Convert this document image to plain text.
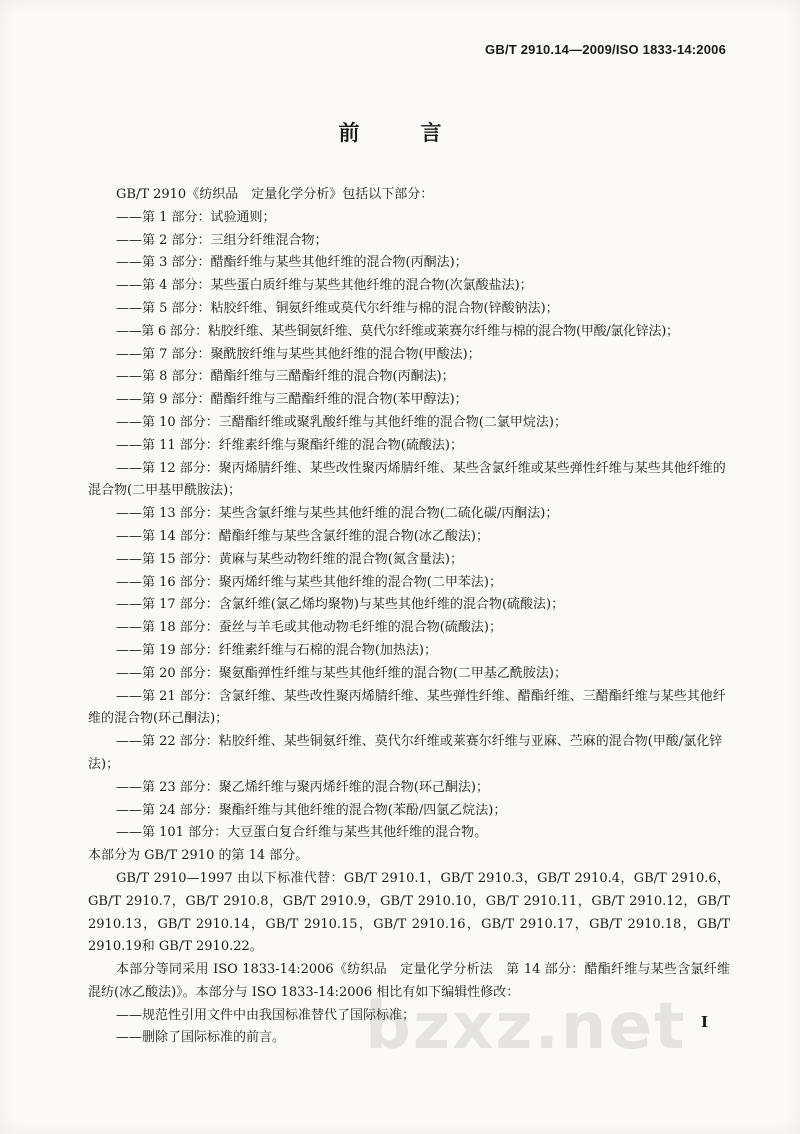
GB/T 2910.14—2009/ISO 1833-14:2006
前　言

GB/T 2910《纺织品　定量化学分析》包括以下部分：

——第 1 部分：试验通则；

——第 2 部分：三组分纤维混合物；

——第 3 部分：醋酯纤维与某些其他纤维的混合物(丙酮法)；

——第 4 部分：某些蛋白质纤维与某些其他纤维的混合物(次氯酸盐法)；

——第 5 部分：粘胶纤维、铜氨纤维或莫代尔纤维与棉的混合物(锌酸钠法)；

——第 6 部分：粘胶纤维、某些铜氨纤维、莫代尔纤维或莱赛尔纤维与棉的混合物(甲酸/氯化锌法)；

——第 7 部分：聚酰胺纤维与某些其他纤维的混合物(甲酸法)；

——第 8 部分：醋酯纤维与三醋酯纤维的混合物(丙酮法)；

——第 9 部分：醋酯纤维与三醋酯纤维的混合物(苯甲醇法)；

——第 10 部分：三醋酯纤维或聚乳酸纤维与其他纤维的混合物(二氯甲烷法)；

——第 11 部分：纤维素纤维与聚酯纤维的混合物(硫酸法)；

——第 12 部分：聚丙烯腈纤维、某些改性聚丙烯腈纤维、某些含氯纤维或某些弹性纤维与某些其他纤维的混合物(二甲基甲酰胺法)；

——第 13 部分：某些含氯纤维与某些其他纤维的混合物(二硫化碳/丙酮法)；

——第 14 部分：醋酯纤维与某些含氯纤维的混合物(冰乙酸法)；

——第 15 部分：黄麻与某些动物纤维的混合物(氮含量法)；

——第 16 部分：聚丙烯纤维与某些其他纤维的混合物(二甲苯法)；

——第 17 部分：含氯纤维(氯乙烯均聚物)与某些其他纤维的混合物(硫酸法)；

——第 18 部分：蚕丝与羊毛或其他动物毛纤维的混合物(硫酸法)；

——第 19 部分：纤维素纤维与石棉的混合物(加热法)；

——第 20 部分：聚氨酯弹性纤维与某些其他纤维的混合物(二甲基乙酰胺法)；

——第 21 部分：含氯纤维、某些改性聚丙烯腈纤维、某些弹性纤维、醋酯纤维、三醋酯纤维与某些其他纤维的混合物(环己酮法)；

——第 22 部分：粘胶纤维、某些铜氨纤维、莫代尔纤维或莱赛尔纤维与亚麻、苎麻的混合物(甲酸/氯化锌法)；

——第 23 部分：聚乙烯纤维与聚丙烯纤维的混合物(环己酮法)；

——第 24 部分：聚酯纤维与其他纤维的混合物(苯酚/四氯乙烷法)；

——第 101 部分：大豆蛋白复合纤维与某些其他纤维的混合物。

本部分为 GB/T 2910 的第 14 部分。

GB/T 2910—1997 由以下标准代替：GB/T 2910.1，GB/T 2910.3，GB/T 2910.4，GB/T 2910.6，GB/T 2910.7，GB/T 2910.8，GB/T 2910.9，GB/T 2910.10，GB/T 2910.11，GB/T 2910.12，GB/T 2910.13，GB/T 2910.14，GB/T 2910.15，GB/T 2910.16，GB/T 2910.17，GB/T 2910.18，GB/T 2910.19和 GB/T 2910.22。

本部分等同采用 ISO 1833-14:2006《纺织品　定量化学分析法　第 14 部分：醋酯纤维与某些含氯纤维混纺(冰乙酸法)》。本部分与 ISO 1833-14:2006 相比有如下编辑性修改：

——规范性引用文件中由我国标准替代了国际标准；

——删除了国际标准的前言。	bzxz.net I
